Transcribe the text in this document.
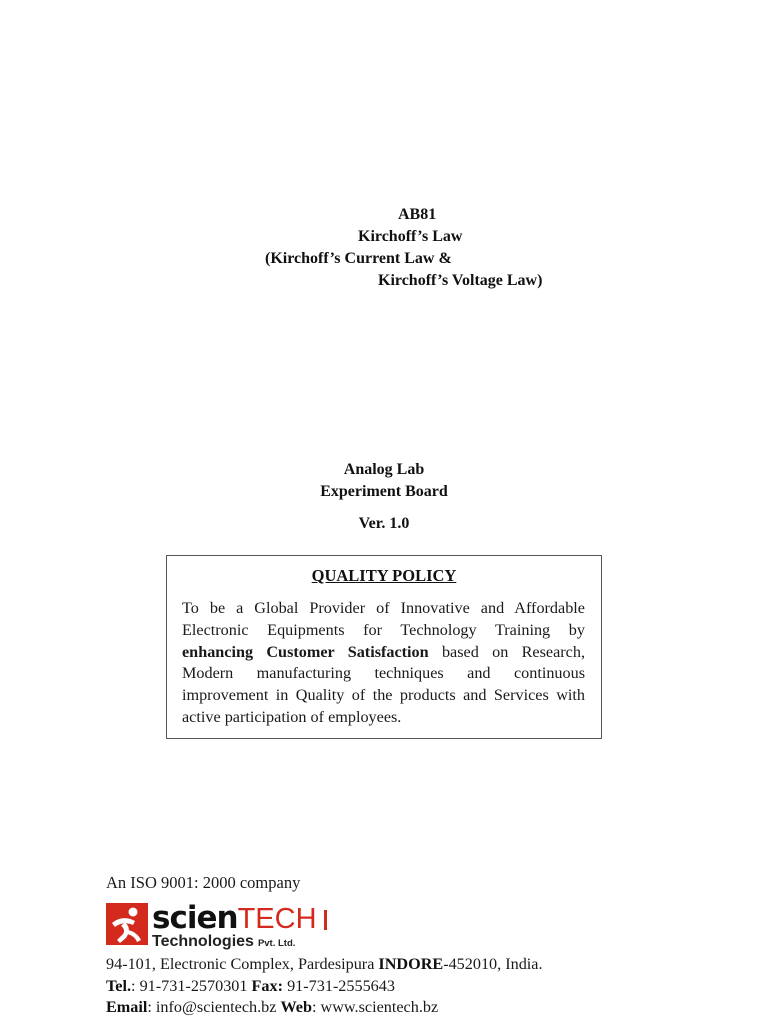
AB81
Kirchoff’s Law
(Kirchoff’s Current Law &
Kirchoff’s Voltage Law)
Analog Lab
Experiment Board
Ver. 1.0
QUALITY POLICY
To be a Global Provider of Innovative and Affordable Electronic Equipments for Technology Training by enhancing Customer Satisfaction based on Research, Modern manufacturing techniques and continuous improvement in Quality of the products and Services with active participation of employees.
An ISO 9001: 2000 company
scienTECH
Technologies Pvt. Ltd.
94-101, Electronic Complex, Pardesipura INDORE-452010, India.
Tel.: 91-731-2570301 Fax: 91-731-2555643
Email: info@scientech.bz Web: www.scientech.bz
